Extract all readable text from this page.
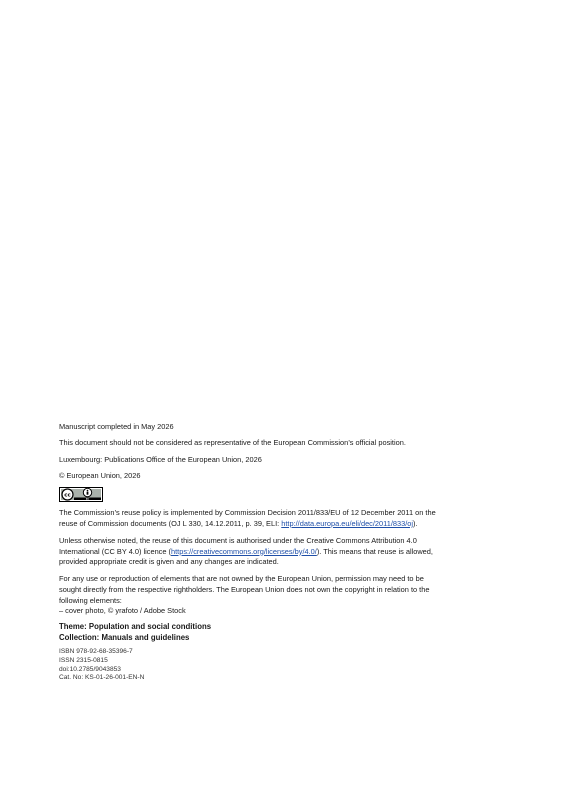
Manuscript completed in May 2026

This document should not be considered as representative of the European Commission’s official position.

Luxembourg: Publications Office of the European Union, 2026

© European Union, 2026

cc
BY

The Commission’s reuse policy is implemented by Commission Decision 2011/833/EU of 12 December 2011 on the reuse of Commission documents (OJ L 330, 14.12.2011, p. 39, ELI: http://data.europa.eu/eli/dec/2011/833/oj).

Unless otherwise noted, the reuse of this document is authorised under the Creative Commons Attribution 4.0 International (CC BY 4.0) licence (https://creativecommons.org/licenses/by/4.0/). This means that reuse is allowed, provided appropriate credit is given and any changes are indicated.

For any use or reproduction of elements that are not owned by the European Union, permission may need to be sought directly from the respective rightholders. The European Union does not own the copyright in relation to the following elements:
– cover photo, © yrafoto / Adobe Stock

Theme: Population and social conditions
Collection: Manuals and guidelines
ISBN 978-92-68-35396-7
ISSN 2315-0815
doi:10.2785/9043853
Cat. No: KS-01-26-001-EN-N
